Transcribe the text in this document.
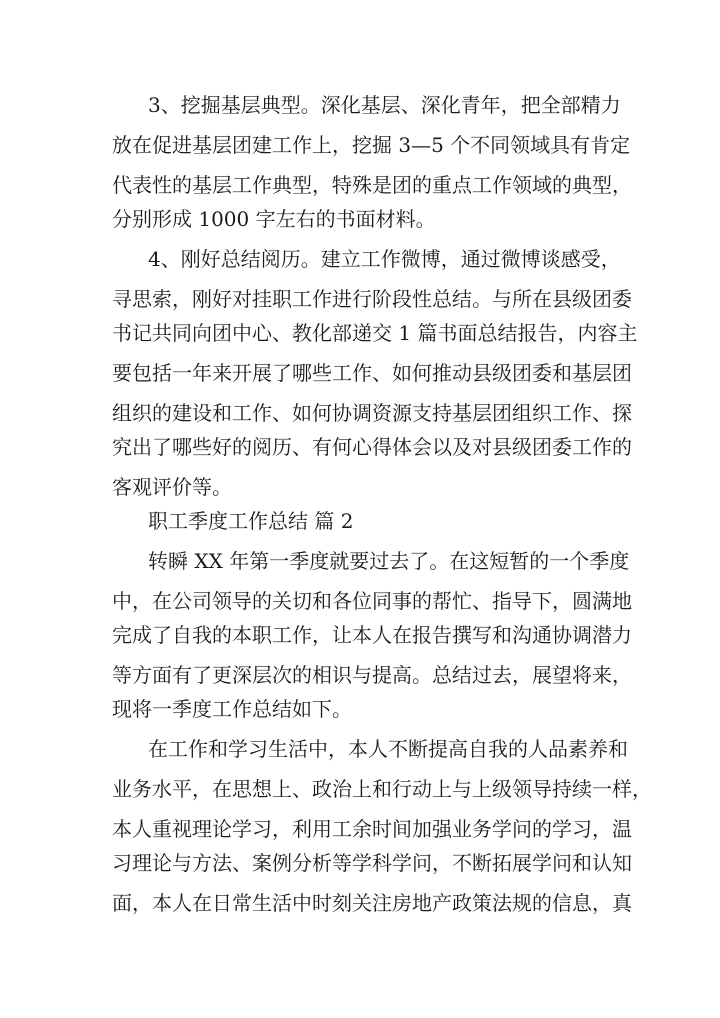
3、挖掘基层典型。深化基层、深化青年，把全部精力

放在促进基层团建工作上，挖掘 3—5 个不同领域具有肯定

代表性的基层工作典型，特殊是团的重点工作领域的典型，

分别形成 1000 字左右的书面材料。

4、刚好总结阅历。建立工作微博，通过微博谈感受，

寻思索，刚好对挂职工作进行阶段性总结。与所在县级团委

书记共同向团中心、教化部递交 1 篇书面总结报告，内容主

要包括一年来开展了哪些工作、如何推动县级团委和基层团

组织的建设和工作、如何协调资源支持基层团组织工作、探

究出了哪些好的阅历、有何心得体会以及对县级团委工作的

客观评价等。

职工季度工作总结 篇 2

转瞬 XX 年第一季度就要过去了。在这短暂的一个季度

中，在公司领导的关切和各位同事的帮忙、指导下，圆满地

完成了自我的本职工作，让本人在报告撰写和沟通协调潜力

等方面有了更深层次的相识与提高。总结过去，展望将来，

现将一季度工作总结如下。

在工作和学习生活中，本人不断提高自我的人品素养和

业务水平，在思想上、政治上和行动上与上级领导持续一样，

本人重视理论学习，利用工余时间加强业务学问的学习，温

习理论与方法、案例分析等学科学问，不断拓展学问和认知

面，本人在日常生活中时刻关注房地产政策法规的信息，真
